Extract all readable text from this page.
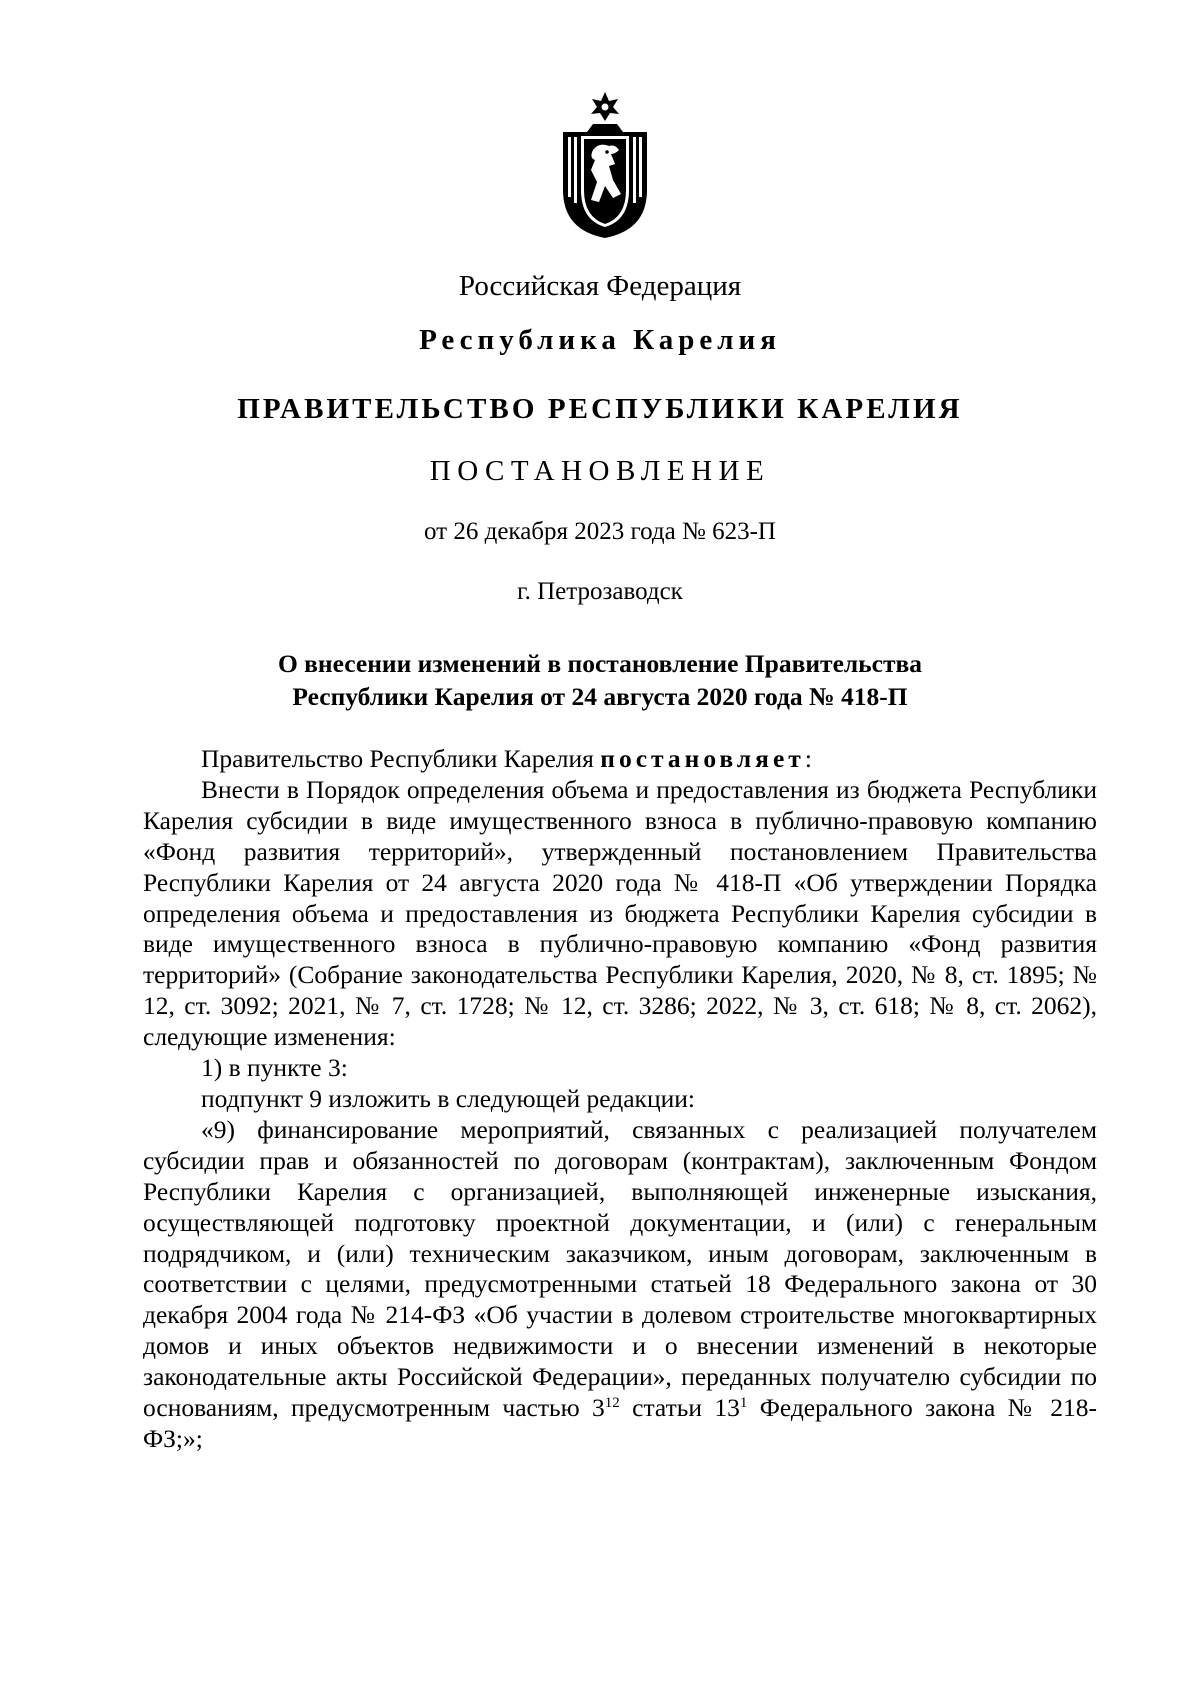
Российская Федерация
Республика Карелия
ПРАВИТЕЛЬСТВО РЕСПУБЛИКИ КАРЕЛИЯ
ПОСТАНОВЛЕНИЕ
от 26 декабря 2023 года № 623-П
г. Петрозаводск
О внесении изменений в постановление Правительства
Республики Карелия от 24 августа 2020 года № 418-П

Правительство Республики Карелия постановляет:

Внести в Порядок определения объема и предоставления из бюджета Республики Карелия субсидии в виде имущественного взноса в публично-правовую компанию «Фонд развития территорий», утвержденный постановлением Правительства Республики Карелия от 24 августа 2020 года № 418-П «Об утверждении Порядка определения объема и предоставления из бюджета Республики Карелия субсидии в виде имущественного взноса в публично-правовую компанию «Фонд развития территорий» (Собрание законодательства Республики Карелия, 2020, № 8, ст. 1895; № 12, ст. 3092; 2021, № 7, ст. 1728; № 12, ст. 3286; 2022, № 3, ст. 618; № 8, ст. 2062), следующие изменения:

1) в пункте 3:

подпункт 9 изложить в следующей редакции:

«9) финансирование мероприятий, связанных с реализацией получателем субсидии прав и обязанностей по договорам (контрактам), заключенным Фондом Республики Карелия с организацией, выполняющей инженерные изыскания, осуществляющей подготовку проектной документации, и (или) с генеральным подрядчиком, и (или) техническим заказчиком, иным договорам, заключенным в соответствии с целями, предусмотренными статьей 18 Федерального закона от 30 декабря 2004 года № 214-ФЗ «Об участии в долевом строительстве многоквартирных домов и иных объектов недвижимости и о внесении изменений в некоторые законодательные акты Российской Федерации», переданных получателю субсидии по основаниям, предусмотренным частью $3^{12}$ статьи $13^1$ Федерального закона № 218-ФЗ;»;
